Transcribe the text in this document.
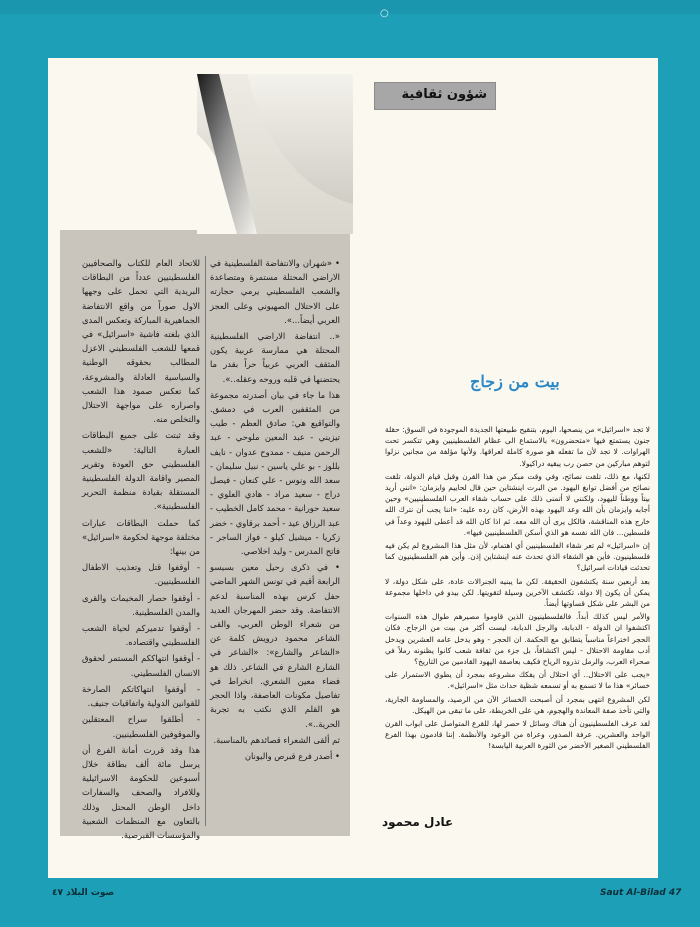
○

للاتحاد العام للكتاب والصحافيين الفلسطينيين عدداً من البطاقات البريدية التي تحمل على وجهها الاول صوراً من واقع الانتفاضة الجماهيرية المباركة وتعكس المدى الذي بلغته فاشية «اسرائيل» في قمعها للشعب الفلسطيني الاعزل المطالب بحقوقه الوطنية والسياسية العادلة والمشروعة، كما تعكس صمود هذا الشعب واصراره على مواجهة الاحتلال والتخلص منه.

وقد ثبتت على جميع البطاقات العبارة التالية: «للشعب الفلسطيني حق العودة وتقرير المصير واقامة الدولة الفلسطينية المستقلة بقيادة منظمة التحرير الفلسطينية».

كما حملت البطاقات عبارات مختلفة موجهة لحكومة «اسرائيل» من بينها:

- أوقفوا قتل وتعذيب الاطفال الفلسطينيين.

- أوقفوا حصار المخيمات والقرى والمدن الفلسطينية.

- أوقفوا تدميركم لحياة الشعب الفلسطيني واقتصاده.

- أوقفوا انتهاككم المستمر لحقوق الانسان الفلسطيني.

- أوقفوا انتهاكاتكم الصارخة للقوانين الدولية واتفاقيات جنيف.

- أطلقوا سراح المعتقلين والموقوفين الفلسطينيين.

هذا وقد قررت أمانة الفرع أن يرسل مائة ألف بطاقة خلال أسبوعين للحكومة الاسرائيلية وللافراد والصحف والسفارات داخل الوطن المحتل وذلك بالتعاون مع المنظمات الشعبية والمؤسسات القبرصية.

• «شهران والانتفاضة الفلسطينية في الاراضي المحتلة مستمرة ومتصاعدة والشعب الفلسطيني يرمي حجارته على الاحتلال الصهيوني وعلى العجز العربي أيضاً...».

«.. انتفاضة الاراضي الفلسطينية المحتلة هي ممارسة عربية يكون المثقف العربي عربياً حراً بقدر ما يحتضنها في قلبه وروحه وعقله..».

هذا ما جاء في بيان أصدرته مجموعة من المثقفين العرب في دمشق. والتواقيع هي: صادق العظم - طيب تيزيني - عبد المعين ملوحي - عبد الرحمن منيف - ممدوح عدوان - نايف بللوز - بو علي ياسين - نبيل سليمان - سعد الله ونوس - علي كنعان - فيصل دراج - سعيد مراد - هادي العلوي - سعيد حورانية - محمد كامل الخطيب - عبد الرزاق عيد - أحمد برقاوي - خضر زكريا - ميشيل كيلو - فواز الساجر - فاتح المدرس - وليد اخلاصي.

• في ذكرى رحيل معين بسيسو الرابعة أقيم في تونس الشهر الماضي حفل كرس بهذه المناسبة لدعم الانتفاضة. وقد حضر المهرجان العديد من شعراء الوطن العربي، والقى الشاعر محمود درويش كلمة عن «الشاعر والشارع»: «الشاعر في الشارع الشارع في الشاعر. ذلك هو فضاء معين الشعري. انخراط في تفاصيل مكونات العاصفة، واذا الحجر هو القلم الذي نكتب به تجربة الحرية..».

ثم ألقى الشعراء قصائدهم بالمناسبة.

• أصدر فرع قبرص واليونان

شؤون ثقافية
بيت من زجاج

لا تجد «اسرائيل» من ينصحها، اليوم، بتنقيح طبيعتها الجديدة الموجودة في السوق: حقلة جنون يستمتع فيها «متحضرون» بالاستماع الى عظام الفلسطينيين وهي تتكسر تحت الهراوات. لا تجد لأن ما تفعله هو صورة كاملة لعراقها. ولأنها مؤلفة من مجانين نزلوا لتوهم مباركين من حصن رب يبقيه دراكيولا.

لكنها، مع ذلك، تلقت نصائح، وفي وقت مبكر من هذا القرن وقبل قيام الدولة، تلقت نصائح من أفضل توابغ اليهود. من البرت اينشتاين حين قال لحاييم وايزمان: «انني أريد بيتاً ووطناً لليهود، ولكنني لا أتمنى ذلك على حساب شقاء العرب الفلسطينيين» وحين أجابه وايزمان بأن الله وعد اليهود بهذه الأرض، كان رده عليه: «اننا يجب أن نترك الله خارج هذه المناقشة، فالكل يرى أن الله معه. ثم اذا كان الله قد أعطى لليهود وعداً في فلسطين... فان الله نفسه هو الذي أسكن الفلسطينيين فيها».

إن «اسرائيل» لم تعر شقاء الفلسطينيين أي اهتمام، لأن مثل هذا المشروع لم يكن فيه فلسطينيون. فأين هو الشقاء الذي تحدث عنه اينشتاين إذن. وأين هم الفلسطينيون كما تحدثت قيادات اسرائيل؟

بعد أربعين سنة يكتشفون الحقيقة. لكن ما يبنيه الجنرالات عادة، على شكل دولة، لا يمكن أن يكون إلا دولة، تكتشف الآخرين وسيلة لتقويتها. لكن بيدو في داخلها مجموعة من البشر على شكل قساوتها أيضاً.

والأمر ليس كذلك أبداً. فالفلسطينيون الذين قاوموا مصيرهم طوال هذه السنوات اكتشفوا ان الدولة - الدبابة، والرجل الدبابة، ليست أكثر من بيت من الزجاج. فكان الحجر اختراعاً مناسباً يتطابق مع الحكمة. ان الحجر - وهو يدخل عامه العشرين ويدخل أدب مقاومة الاحتلال - ليس اكتشافاً، بل جزء من ثقافة شعب كانوا يظنونه رملاً في صحراء العرب، والرمل تذروه الرياح فكيف بعاصفة اليهود القادمين من التاريخ؟

«يجب على الاحتلال.. أي احتلال أن يفكك مشروعه بمجرد أن يطوي الاستمرار على خسائر» هذا ما لا تسمع به أو تسمعه شظية حداث مثل «اسرائيل».

لكن المشروع انتهى بمجرد أن أصبحت الخسائر الآن من الرصيد، والمساومة الجارية، والتي تأخذ صفة المعاندة والهجوم، هي على الخريطة، على ما تبقى من الهيكل.

لقد عرف الفلسطينيون أن هناك وسائل لا حصر لها، للقرع المتواصل على ابواب القرن الواحد والعشرين. عرفة الصدور، وعراة من الوعود والأنظمة. إننا قادمون بهذا الفرع الفلسطيني الصغير الأخضر من الثورة العربية اليابسة!

عادل محمود
صوت البلاد ٤٧	Saut Al-Bilad 47
